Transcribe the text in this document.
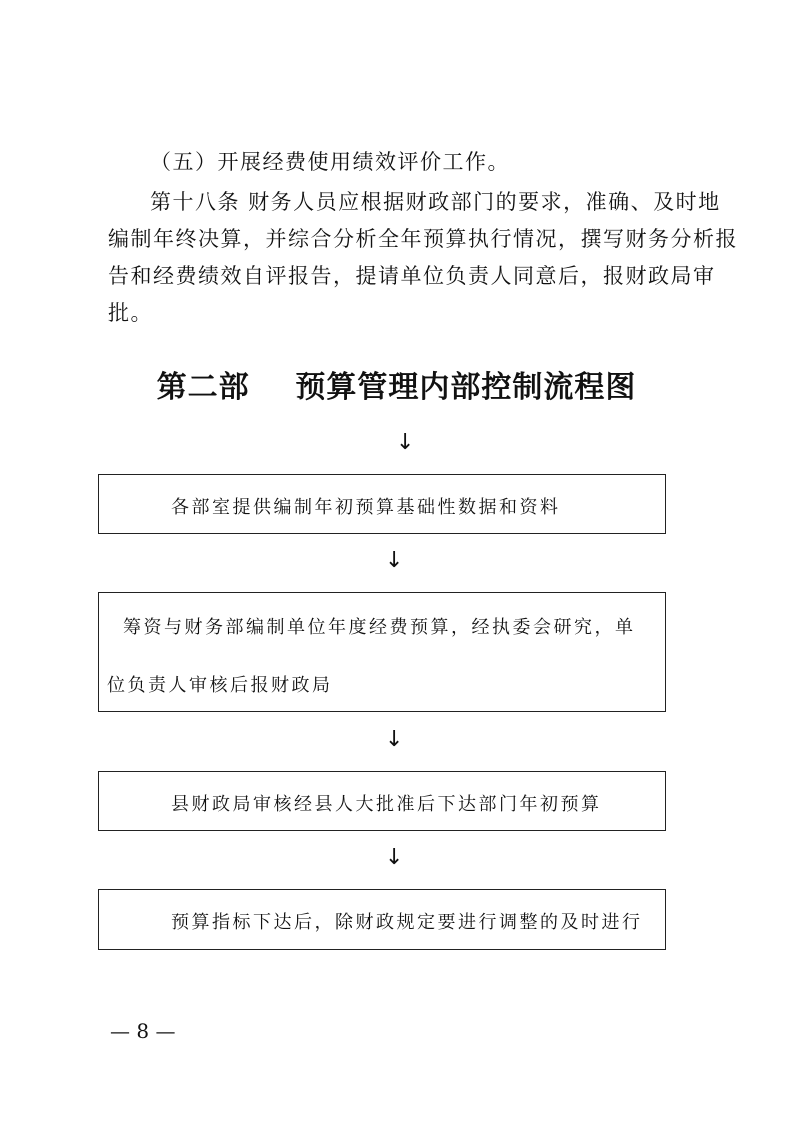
（五）开展经费使用绩效评价工作。
第十八条 财务人员应根据财政部门的要求，准确、及时地
编制年终决算，并综合分析全年预算执行情况，撰写财务分析报
告和经费绩效自评报告，提请单位负责人同意后，报财政局审
批。
第二部    预算管理内部控制流程图
↓
各部室提供编制年初预算基础性数据和资料
↓
筹资与财务部编制单位年度经费预算，经执委会研究，单
位负责人审核后报财政局
↓
县财政局审核经县人大批准后下达部门年初预算
↓
预算指标下达后，除财政规定要进行调整的及时进行
— 8 —
